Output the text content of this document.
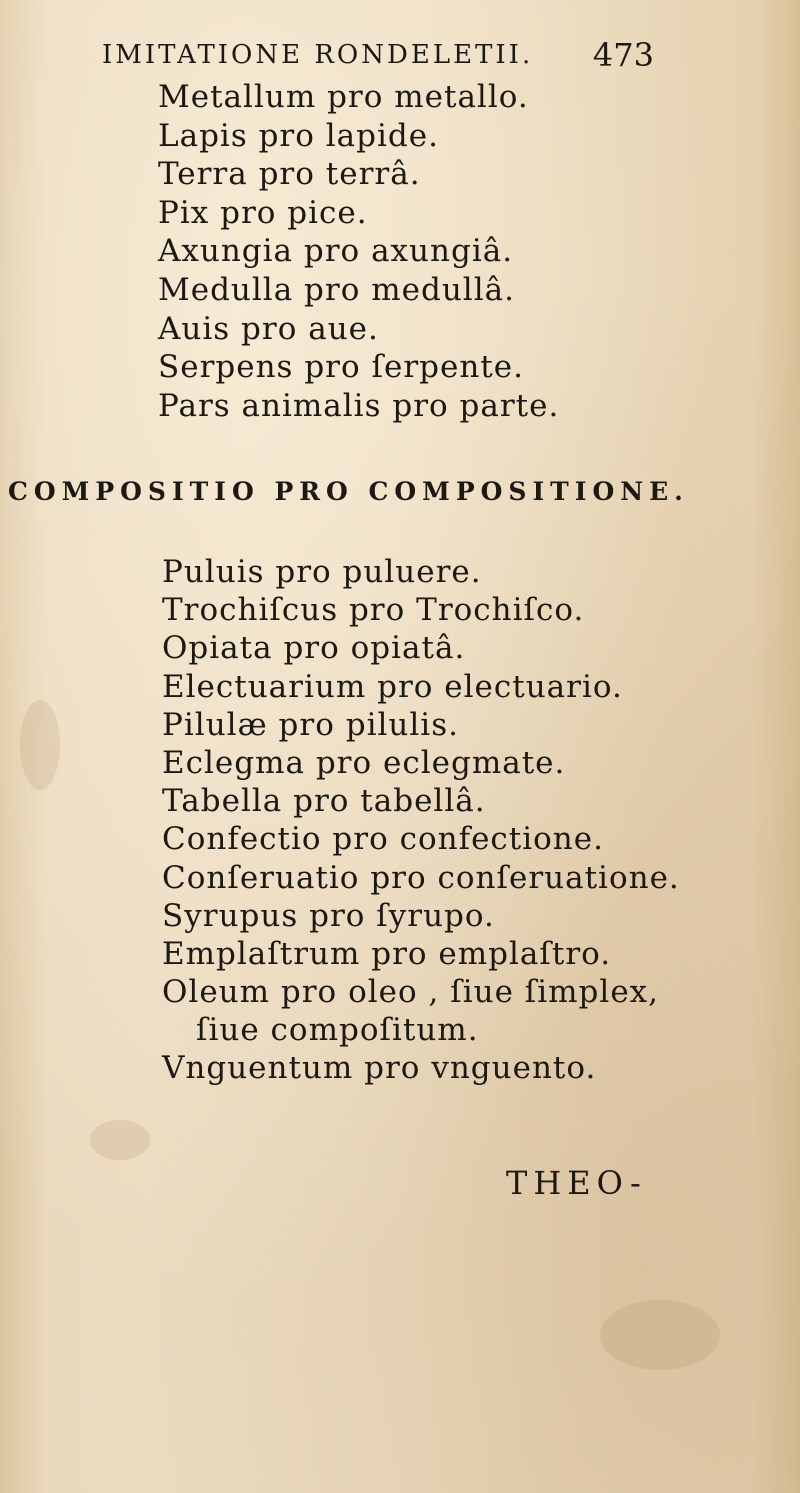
IMITATIONE RONDELETII. 473
Metallum pro metallo.
Lapis pro lapide.
Terra pro terrâ.
Pix pro pice.
Axungia pro axungiâ.
Medulla pro medullâ.
Auis pro aue.
Serpens pro ſerpente.
Pars animalis pro parte.
COMPOSITIO PRO COMPOSITIONE.
Puluis pro puluere.
Trochiſcus pro Trochiſco.
Opiata pro opiatâ.
Electuarium pro electuario.
Pilulæ pro pilulis.
Eclegma pro eclegmate.
Tabella pro tabellâ.
Confectio pro confectione.
Conſeruatio pro conſeruatione.
Syrupus pro ſyrupo.
Emplaſtrum pro emplaſtro.
Oleum pro oleo , ſiue ſimplex,
ſiue compoſitum.
Vnguentum pro vnguento.
THEO-
